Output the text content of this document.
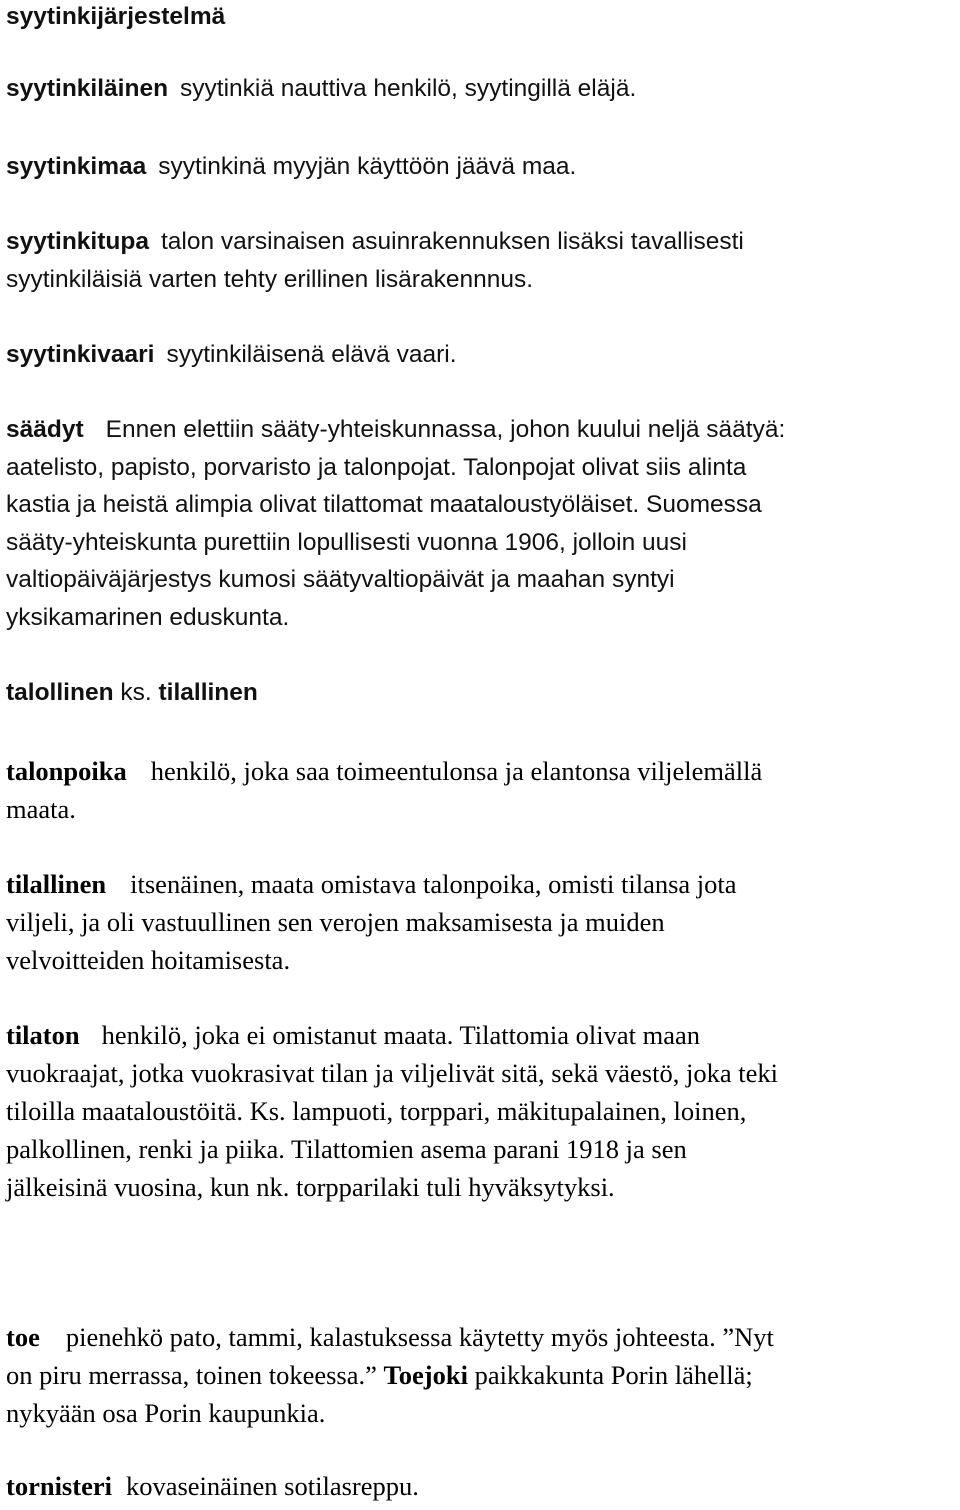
syytinkijärjestelmä

syytinkiläinen syytinkiä nauttiva henkilö, syytingillä eläjä.

syytinkimaa syytinkinä myyjän käyttöön jäävä maa.

syytinkitupa talon varsinaisen asuinrakennuksen lisäksi tavallisesti
syytinkiläisiä varten tehty erillinen lisärakennnus.

syytinkivaari syytinkiläisenä elävä vaari.

säädyt Ennen elettiin sääty-yhteiskunnassa, johon kuului neljä säätyä:
aatelisto, papisto, porvaristo ja talonpojat. Talonpojat olivat siis alinta
kastia ja heistä alimpia olivat tilattomat maataloustyöläiset. Suomessa
sääty-yhteiskunta purettiin lopullisesti vuonna 1906, jolloin uusi
valtiopäiväjärjestys kumosi säätyvaltiopäivät ja maahan syntyi
yksikamarinen eduskunta.

talollinen ks. tilallinen

talonpoika henkilö, joka saa toimeentulonsa ja elantonsa viljelemällä
maata.

tilallinen itsenäinen, maata omistava talonpoika, omisti tilansa jota
viljeli, ja oli vastuullinen sen verojen maksamisesta ja muiden
velvoitteiden hoitamisesta.

tilaton henkilö, joka ei omistanut maata. Tilattomia olivat maan
vuokraajat, jotka vuokrasivat tilan ja viljelivät sitä, sekä väestö, joka teki
tiloilla maataloustöitä. Ks. lampuoti, torppari, mäkitupalainen, loinen,
palkollinen, renki ja piika. Tilattomien asema parani 1918 ja sen
jälkeisinä vuosina, kun nk. torpparilaki tuli hyväksytyksi.

toe pienehkö pato, tammi, kalastuksessa käytetty myös johteesta. ”Nyt
on piru merrassa, toinen tokeessa.” Toejoki paikkakunta Porin lähellä;
nykyään osa Porin kaupunkia.

tornisteri kovaseinäinen sotilasreppu.
